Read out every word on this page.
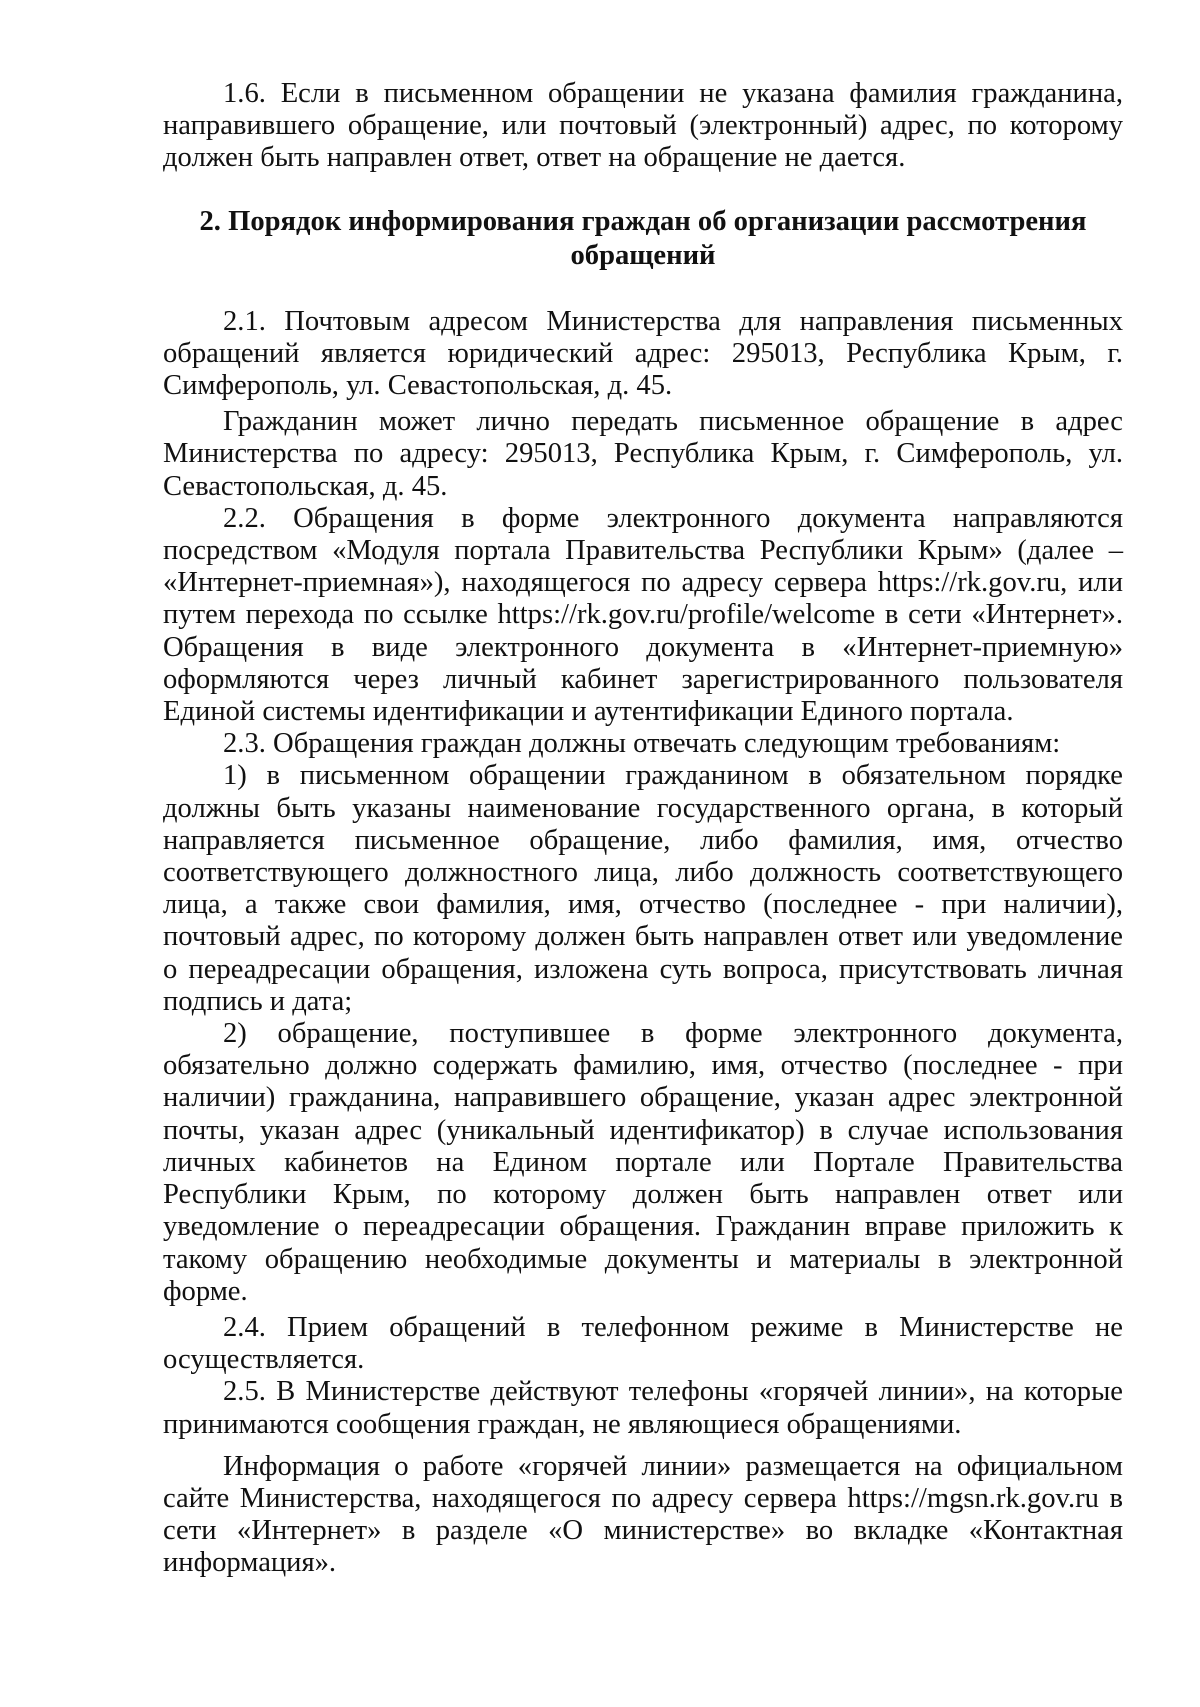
1.6. Если в письменном обращении не указана фамилия гражданина, направившего обращение, или почтовый (электронный) адрес, по которому должен быть направлен ответ, ответ на обращение не дается.

2. Порядок информирования граждан об организации рассмотрения обращений

2.1. Почтовым адресом Министерства для направления письменных обращений является юридический адрес: 295013, Республика Крым, г. Симферополь, ул. Севастопольская, д. 45.

Гражданин может лично передать письменное обращение в адрес Министерства по адресу: 295013, Республика Крым, г. Симферополь, ул. Севастопольская, д. 45.

2.2. Обращения в форме электронного документа направляются посредством «Модуля портала Правительства Республики Крым» (далее – «Интернет-приемная»), находящегося по адресу сервера https://rk.gov.ru, или путем перехода по ссылке https://rk.gov.ru/profile/welcome в сети «Интернет». Обращения в виде электронного документа в «Интернет-приемную» оформляются через личный кабинет зарегистрированного пользователя Единой системы идентификации и аутентификации Единого портала.

2.3. Обращения граждан должны отвечать следующим требованиям:

1) в письменном обращении гражданином в обязательном порядке должны быть указаны наименование государственного органа, в который направляется письменное обращение, либо фамилия, имя, отчество соответствующего должностного лица, либо должность соответствующего лица, а также свои фамилия, имя, отчество (последнее - при наличии), почтовый адрес, по которому должен быть направлен ответ или уведомление о переадресации обращения, изложена суть вопроса, присутствовать личная подпись и дата;

2) обращение, поступившее в форме электронного документа, обязательно должно содержать фамилию, имя, отчество (последнее - при наличии) гражданина, направившего обращение, указан адрес электронной почты, указан адрес (уникальный идентификатор) в случае использования личных кабинетов на Едином портале или Портале Правительства Республики Крым, по которому должен быть направлен ответ или уведомление о переадресации обращения. Гражданин вправе приложить к такому обращению необходимые документы и материалы в электронной форме.

2.4. Прием обращений в телефонном режиме в Министерстве не осуществляется.

2.5. В Министерстве действуют телефоны «горячей линии», на которые принимаются сообщения граждан, не являющиеся обращениями.

Информация о работе «горячей линии» размещается на официальном сайте Министерства, находящегося по адресу сервера https://mgsn.rk.gov.ru в сети «Интернет» в разделе «О министерстве» во вкладке «Контактная информация».
